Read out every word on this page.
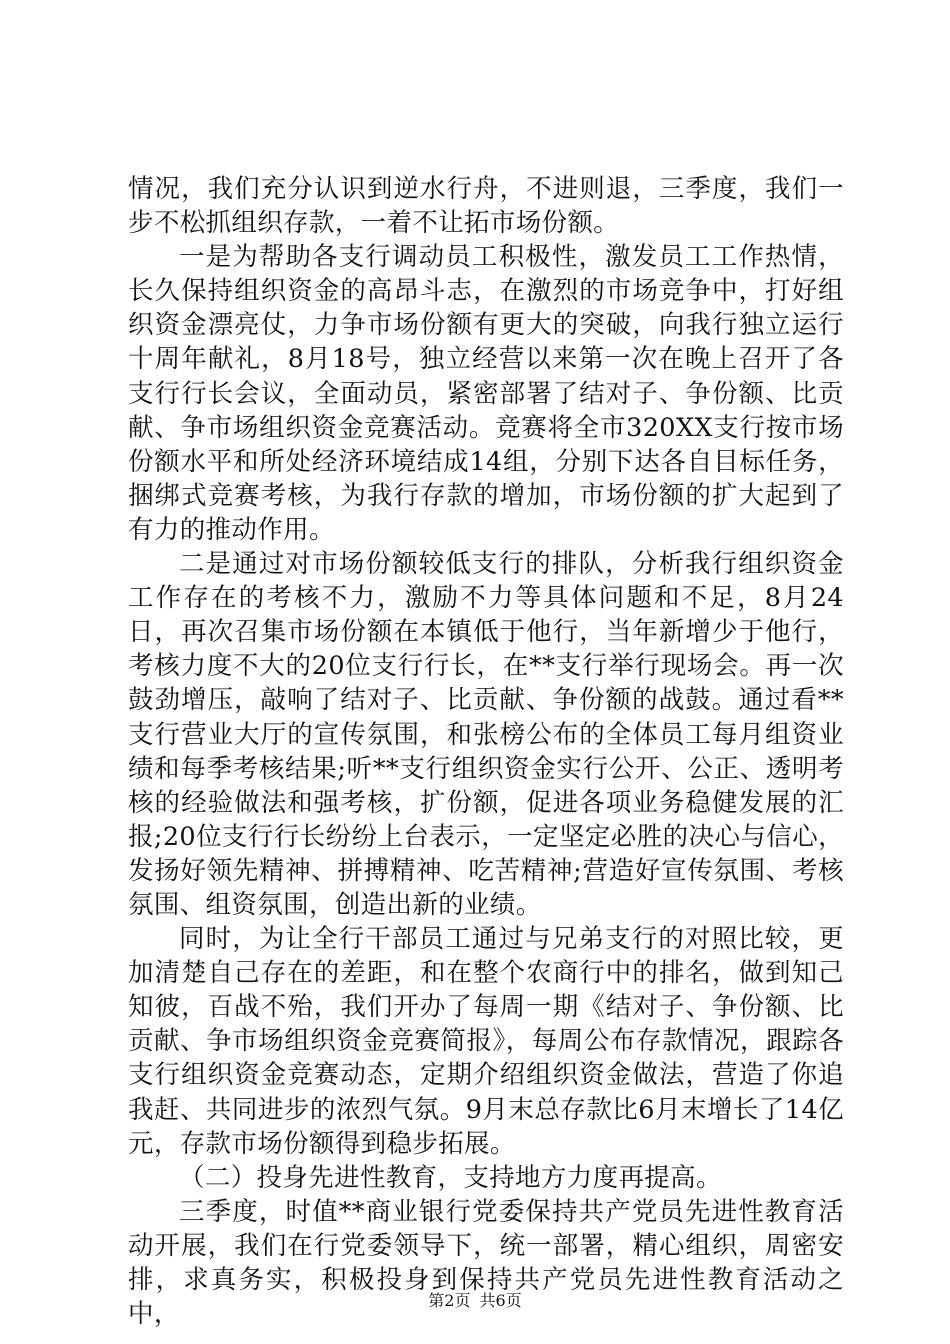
情况，我们充分认识到逆水行舟，不进则退，三季度，我们一步不松抓组织存款，一着不让拓市场份额。

一是为帮助各支行调动员工积极性，激发员工工作热情，长久保持组织资金的高昂斗志，在激烈的市场竞争中，打好组织资金漂亮仗，力争市场份额有更大的突破，向我行独立运行十周年献礼，8月18号，独立经营以来第一次在晚上召开了各支行行长会议，全面动员，紧密部署了结对子、争份额、比贡献、争市场组织资金竞赛活动。竞赛将全市320XX支行按市场份额水平和所处经济环境结成14组，分别下达各自目标任务，捆绑式竞赛考核，为我行存款的增加，市场份额的扩大起到了有力的推动作用。

二是通过对市场份额较低支行的排队，分析我行组织资金工作存在的考核不力，激励不力等具体问题和不足，8月24日，再次召集市场份额在本镇低于他行，当年新增少于他行，考核力度不大的20位支行行长，在**支行举行现场会。再一次鼓劲增压，敲响了结对子、比贡献、争份额的战鼓。通过看**支行营业大厅的宣传氛围，和张榜公布的全体员工每月组资业绩和每季考核结果;听**支行组织资金实行公开、公正、透明考核的经验做法和强考核，扩份额，促进各项业务稳健发展的汇报;20位支行行长纷纷上台表示，一定坚定必胜的决心与信心，发扬好领先精神、拼搏精神、吃苦精神;营造好宣传氛围、考核氛围、组资氛围，创造出新的业绩。

同时，为让全行干部员工通过与兄弟支行的对照比较，更加清楚自己存在的差距，和在整个农商行中的排名，做到知己知彼，百战不殆，我们开办了每周一期《结对子、争份额、比贡献、争市场组织资金竞赛简报》，每周公布存款情况，跟踪各支行组织资金竞赛动态，定期介绍组织资金做法，营造了你追我赶、共同进步的浓烈气氛。9月末总存款比6月末增长了14亿元，存款市场份额得到稳步拓展。

（二）投身先进性教育，支持地方力度再提高。

三季度，时值**商业银行党委保持共产党员先进性教育活动开展，我们在行党委领导下，统一部署，精心组织，周密安排，求真务实，积极投身到保持共产党员先进性教育活动之中，	第2页 共6页
